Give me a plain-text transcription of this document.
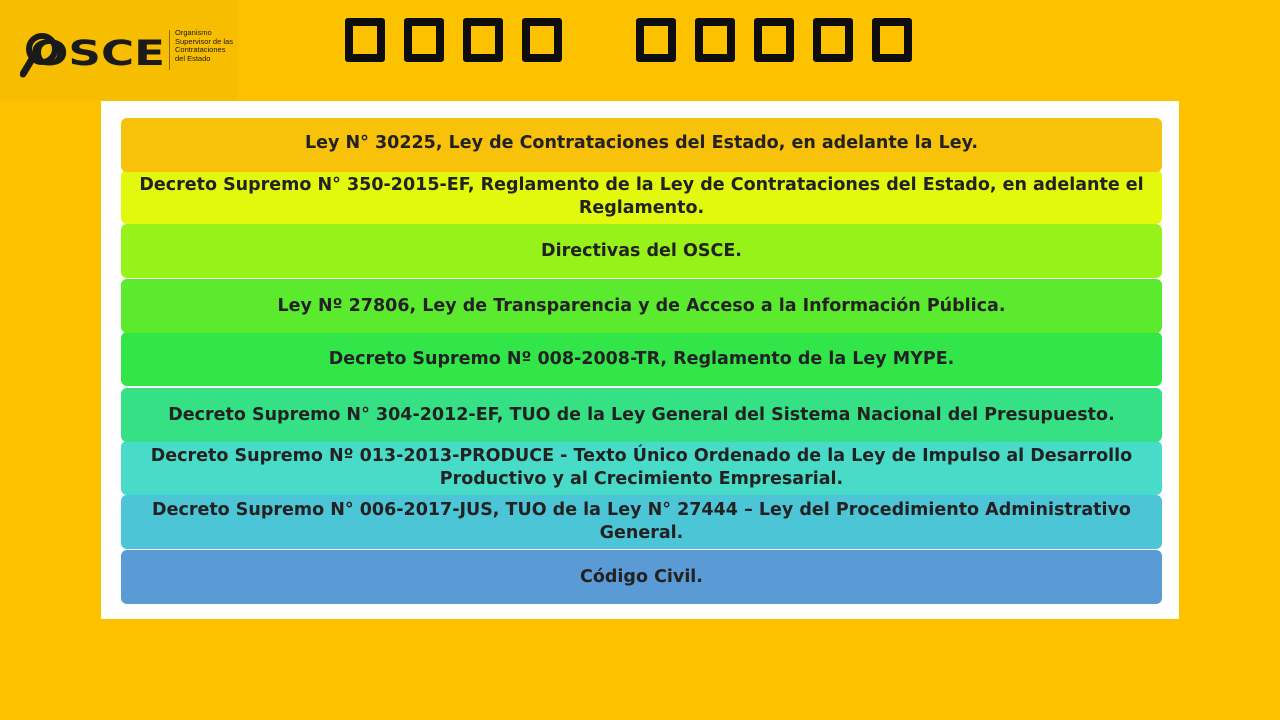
OSCE
Organismo
Supervisor de las
Contrataciones
del Estado
Código Civil.
Decreto Supremo N° 006-2017-JUS, TUO de la Ley N° 27444 – Ley del Procedimiento Administrativo General.
Decreto Supremo Nº 013-2013-PRODUCE - Texto Único Ordenado de la Ley de Impulso al Desarrollo Productivo y al Crecimiento Empresarial.
Decreto Supremo N° 304-2012-EF, TUO de la Ley General del Sistema Nacional del Presupuesto.
Decreto Supremo Nº 008-2008-TR, Reglamento de la Ley MYPE.
Ley Nº 27806, Ley de Transparencia y de Acceso a la Información Pública.
Directivas del OSCE.
Decreto Supremo N° 350-2015-EF, Reglamento de la Ley de Contrataciones del Estado, en adelante el Reglamento.
Ley N° 30225, Ley de Contrataciones del Estado, en adelante la Ley.
